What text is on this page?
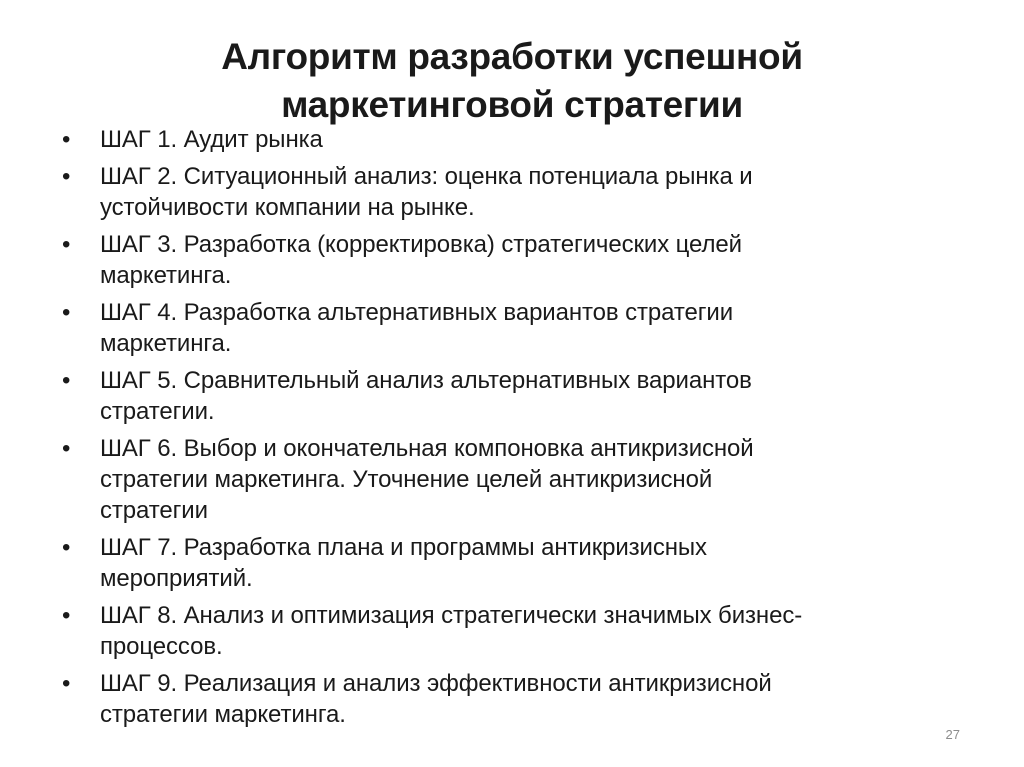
Алгоритм разработки успешной
маркетинговой стратегии
• ШАГ 1. Аудит рынка
• ШАГ 2. Ситуационный анализ: оценка потенциала рынка и
устойчивости компании на рынке.
• ШАГ 3. Разработка (корректировка) стратегических целей
маркетинга.
• ШАГ 4. Разработка альтернативных вариантов стратегии
маркетинга.
• ШАГ 5. Сравнительный анализ альтернативных вариантов
стратегии.
• ШАГ 6. Выбор и окончательная компоновка антикризисной
стратегии маркетинга. Уточнение целей антикризисной
стратегии
• ШАГ 7. Разработка плана и программы антикризисных
мероприятий.
• ШАГ 8. Анализ и оптимизация стратегически значимых бизнес-
процессов.
• ШАГ 9. Реализация и анализ эффективности антикризисной
стратегии маркетинга.
27
